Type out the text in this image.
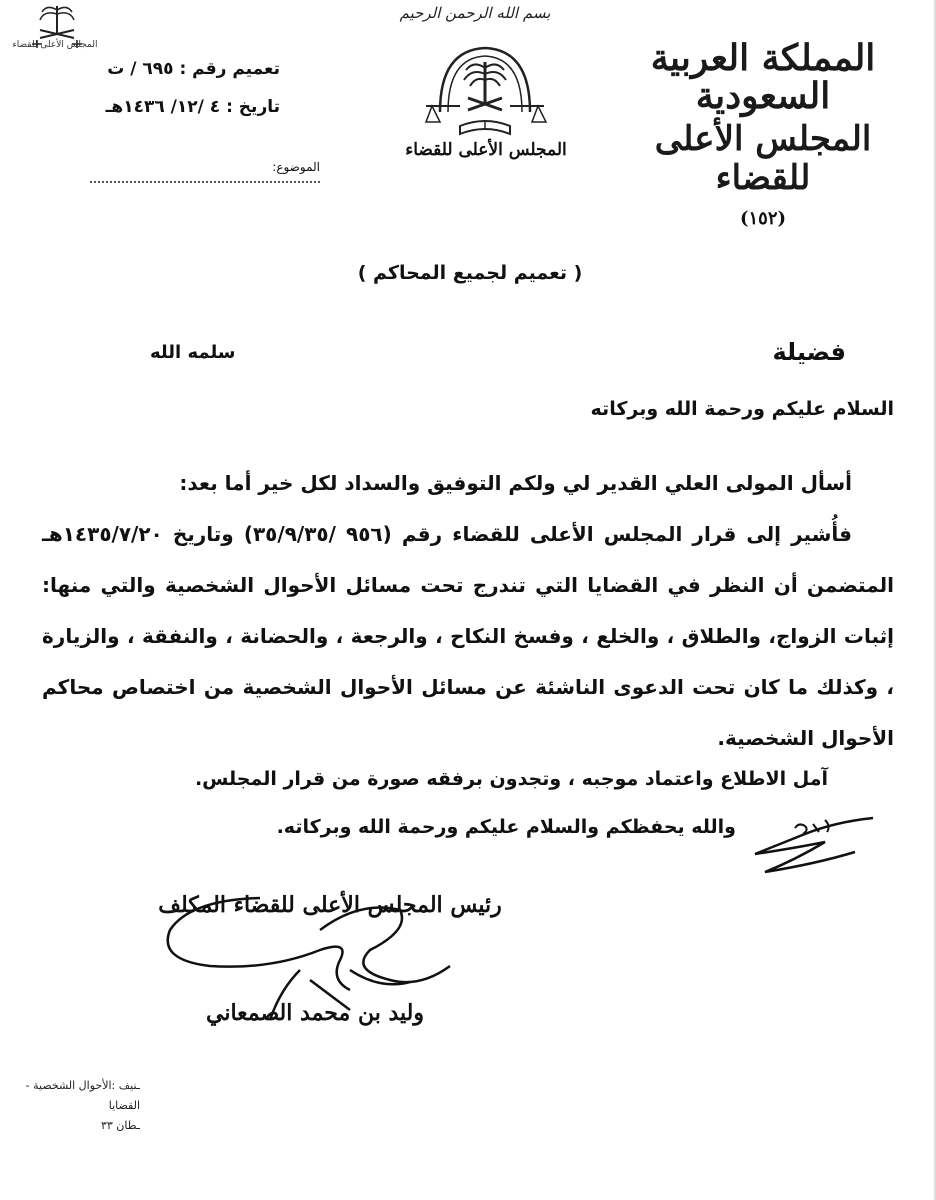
المجلس الأعلى للقضاء
تعميم رقم : ٦٩٥ / ت
تاريخ : ٤ /١٢/ ١٤٣٦هـ
الموضوع:
بسم الله الرحمن الرحيم
المجلس الأعلى للقضاء
المملكة العربية السعودية
المجلس الأعلى للقضاء
(١٥٢)
( تعميم لجميع المحاكم )
فضيلة
سلمه الله
السلام عليكم ورحمة الله وبركاته

أسأل المولى العلي القدير لي ولكم التوفيق والسداد لكل خير أما بعد:

فأُشير إلى قرار المجلس الأعلى للقضاء رقم (٩٥٦ /٣٥/٩/٣٥) وتاريخ ١٤٣٥/٧/٢٠هـ المتضمن أن النظر في القضايا التي تندرج تحت مسائل الأحوال الشخصية والتي منها: إثبات الزواج، والطلاق ، والخلع ، وفسخ النكاح ، والرجعة ، والحضانة ، والنفقة ، والزيارة ، وكذلك ما كان تحت الدعوى الناشئة عن مسائل الأحوال الشخصية من اختصاص محاكم الأحوال الشخصية.

آمل الاطلاع واعتماد موجبه ، وتجدون برفقه صورة من قرار المجلس.
والله يحفظكم والسلام عليكم ورحمة الله وبركاته.
رئيس المجلس الأعلى للقضاء المكلف
وليد بن محمد الصمعاني
ـنيف :الأحوال الشخصية - القضايا
ـطان ٣٣
